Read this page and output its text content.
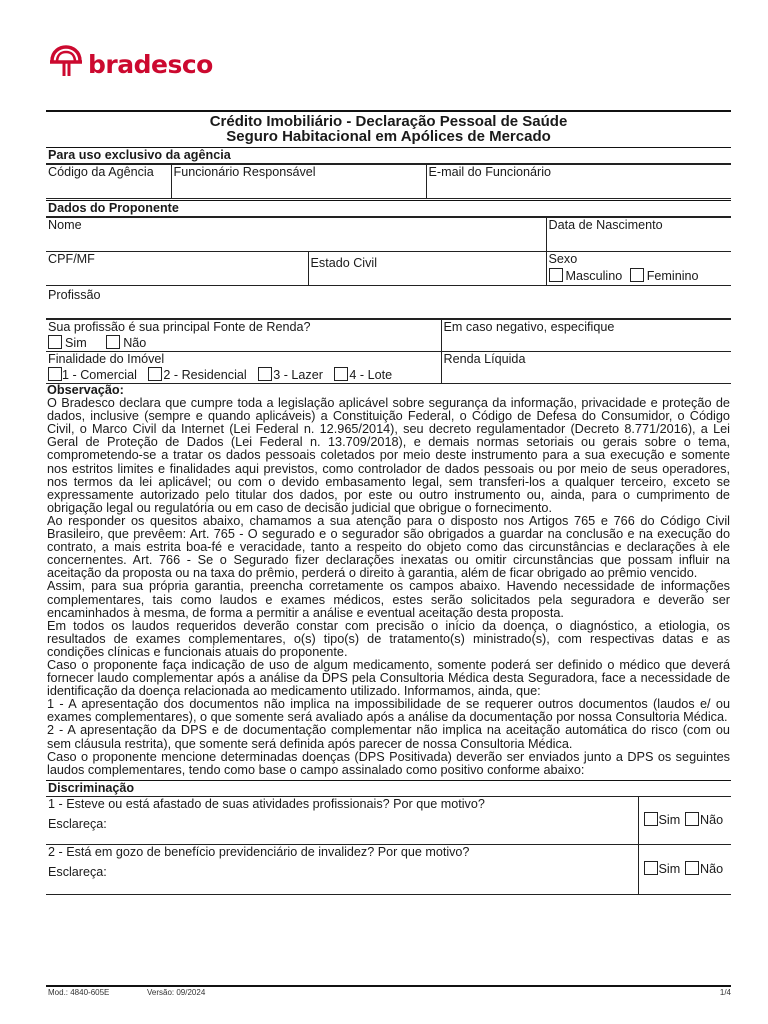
bradesco
Crédito Imobiliário - Declaração Pessoal de Saúde
Seguro Habitacional em Apólices de Mercado
Para uso exclusivo da agência
Código da Agência	Funcionário Responsável	E-mail do Funcionário
Dados do Proponente
Nome		Data de Nascimento
CPF/MF	Estado Civil	Sexo
Masculino Feminino

Profissão		
Sua profissão é sua principal Fonte de Renda?
Sim Não	Em caso negativo, especifique

Finalidade do Imóvel
1 - Comercial 2 - Residencial 3 - Lazer 4 - Lote	Renda Líquida

Observação:

O Bradesco declara que cumpre toda a legislação aplicável sobre segurança da informação, privacidade e proteção de dados, inclusive (sempre e quando aplicáveis) a Constituição Federal, o Código de Defesa do Consumidor, o Código Civil, o Marco Civil da Internet (Lei Federal n. 12.965/2014), seu decreto regulamentador (Decreto 8.771/2016), a Lei Geral de Proteção de Dados (Lei Federal n. 13.709/2018), e demais normas setoriais ou gerais sobre o tema, comprometendo-se a tratar os dados pessoais coletados por meio deste instrumento para a sua execução e somente nos estritos limites e finalidades aqui previstos, como controlador de dados pessoais ou por meio de seus operadores, nos termos da lei aplicável; ou com o devido embasamento legal, sem transferi-los a qualquer terceiro, exceto se expressamente autorizado pelo titular dos dados, por este ou outro instrumento ou, ainda, para o cumprimento de obrigação legal ou regulatória ou em caso de decisão judicial que obrigue o fornecimento.

Ao responder os quesitos abaixo, chamamos a sua atenção para o disposto nos Artigos 765 e 766 do Código Civil Brasileiro, que prevêem: Art. 765 - O segurado e o segurador são obrigados a guardar na conclusão e na execução do contrato, a mais estrita boa-fé e veracidade, tanto a respeito do objeto como das circunstâncias e declarações à ele concernentes. Art. 766 - Se o Segurado fizer declarações inexatas ou omitir circunstâncias que possam influir na aceitação da proposta ou na taxa do prêmio, perderá o direito à garantia, além de ficar obrigado ao prêmio vencido.

Assim, para sua própria garantia, preencha corretamente os campos abaixo. Havendo necessidade de informações complementares, tais como laudos e exames médicos, estes serão solicitados pela seguradora e deverão ser encaminhados à mesma, de forma a permitir a análise e eventual aceitação desta proposta.

Em todos os laudos requeridos deverão constar com precisão o início da doença, o diagnóstico, a etiologia, os resultados de exames complementares, o(s) tipo(s) de tratamento(s) ministrado(s), com respectivas datas e as condições clínicas e funcionais atuais do proponente.

Caso o proponente faça indicação de uso de algum medicamento, somente poderá ser definido o médico que deverá fornecer laudo complementar após a análise da DPS pela Consultoria Médica desta Seguradora, face a necessidade de identificação da doença relacionada ao medicamento utilizado. Informamos, ainda, que:

1 - A apresentação dos documentos não implica na impossibilidade de se requerer outros documentos (laudos e/ ou exames complementares), o que somente será avaliado após a análise da documentação por nossa Consultoria Médica.

2 - A apresentação da DPS e de documentação complementar não implica na aceitação automática do risco (com ou sem cláusula restrita), que somente será definida após parecer de nossa Consultoria Médica.

Caso o proponente mencione determinadas doenças (DPS Positivada) deverão ser enviados junto a DPS os seguintes laudos complementares, tendo como base o campo assinalado como positivo conforme abaixo:

Discriminação
1 - Esteve ou está afastado de suas atividades profissionais? Por que motivo?
Esclareça:	Sim	Não

2 - Está em gozo de benefício previdenciário de invalidez? Por que motivo?
Esclareça:	Sim	Não
Mod.: 4840-605E	Versão: 09/2024	1/4
